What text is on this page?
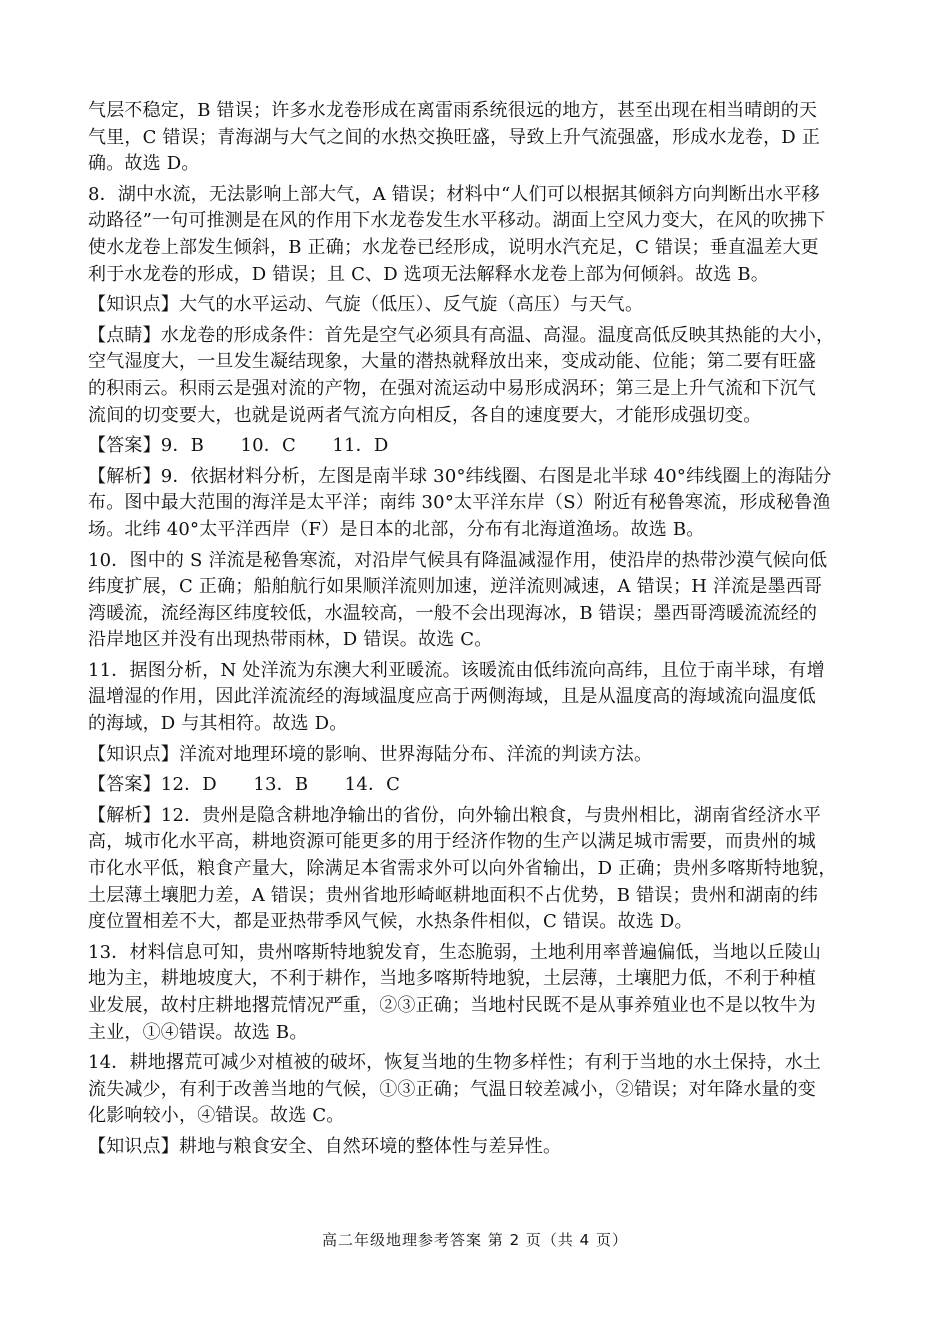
气层不稳定，B 错误；许多水龙卷形成在离雷雨系统很远的地方，甚至出现在相当晴朗的天
气里，C 错误；青海湖与大气之间的水热交换旺盛，导致上升气流强盛，形成水龙卷，D 正
确。故选 D。
8．湖中水流，无法影响上部大气，A 错误；材料中“人们可以根据其倾斜方向判断出水平移
动路径”一句可推测是在风的作用下水龙卷发生水平移动。湖面上空风力变大，在风的吹拂下
使水龙卷上部发生倾斜，B 正确；水龙卷已经形成，说明水汽充足，C 错误；垂直温差大更
利于水龙卷的形成，D 错误；且 C、D 选项无法解释水龙卷上部为何倾斜。故选 B。
【知识点】大气的水平运动、气旋（低压）、反气旋（高压）与天气。
【点睛】水龙卷的形成条件：首先是空气必须具有高温、高湿。温度高低反映其热能的大小，
空气湿度大，一旦发生凝结现象，大量的潜热就释放出来，变成动能、位能；第二要有旺盛
的积雨云。积雨云是强对流的产物，在强对流运动中易形成涡环；第三是上升气流和下沉气
流间的切变要大，也就是说两者气流方向相反，各自的速度要大，才能形成强切变。
【答案】9．B　　10．C　　11．D
【解析】9．依据材料分析，左图是南半球 30°纬线圈、右图是北半球 40°纬线圈上的海陆分
布。图中最大范围的海洋是太平洋；南纬 30°太平洋东岸（S）附近有秘鲁寒流，形成秘鲁渔
场。北纬 40°太平洋西岸（F）是日本的北部，分布有北海道渔场。故选 B。
10．图中的 S 洋流是秘鲁寒流，对沿岸气候具有降温减湿作用，使沿岸的热带沙漠气候向低
纬度扩展，C 正确；船舶航行如果顺洋流则加速，逆洋流则减速，A 错误；H 洋流是墨西哥
湾暖流，流经海区纬度较低，水温较高，一般不会出现海冰，B 错误；墨西哥湾暖流流经的
沿岸地区并没有出现热带雨林，D 错误。故选 C。
11．据图分析，N 处洋流为东澳大利亚暖流。该暖流由低纬流向高纬，且位于南半球，有增
温增湿的作用，因此洋流流经的海域温度应高于两侧海域，且是从温度高的海域流向温度低
的海域，D 与其相符。故选 D。
【知识点】洋流对地理环境的影响、世界海陆分布、洋流的判读方法。
【答案】12．D　　13．B　　14．C
【解析】12．贵州是隐含耕地净输出的省份，向外输出粮食，与贵州相比，湖南省经济水平
高，城市化水平高，耕地资源可能更多的用于经济作物的生产以满足城市需要，而贵州的城
市化水平低，粮食产量大，除满足本省需求外可以向外省输出，D 正确；贵州多喀斯特地貌，
土层薄土壤肥力差，A 错误；贵州省地形崎岖耕地面积不占优势，B 错误；贵州和湖南的纬
度位置相差不大，都是亚热带季风气候，水热条件相似，C 错误。故选 D。
13．材料信息可知，贵州喀斯特地貌发育，生态脆弱，土地利用率普遍偏低，当地以丘陵山
地为主，耕地坡度大，不利于耕作，当地多喀斯特地貌，土层薄，土壤肥力低，不利于种植
业发展，故村庄耕地撂荒情况严重，②③正确；当地村民既不是从事养殖业也不是以牧牛为
主业，①④错误。故选 B。
14．耕地撂荒可减少对植被的破坏，恢复当地的生物多样性；有利于当地的水土保持，水土
流失减少，有利于改善当地的气候，①③正确；气温日较差减小，②错误；对年降水量的变
化影响较小，④错误。故选 C。
【知识点】耕地与粮食安全、自然环境的整体性与差异性。
高二年级地理参考答案 第 2 页（共 4 页）
